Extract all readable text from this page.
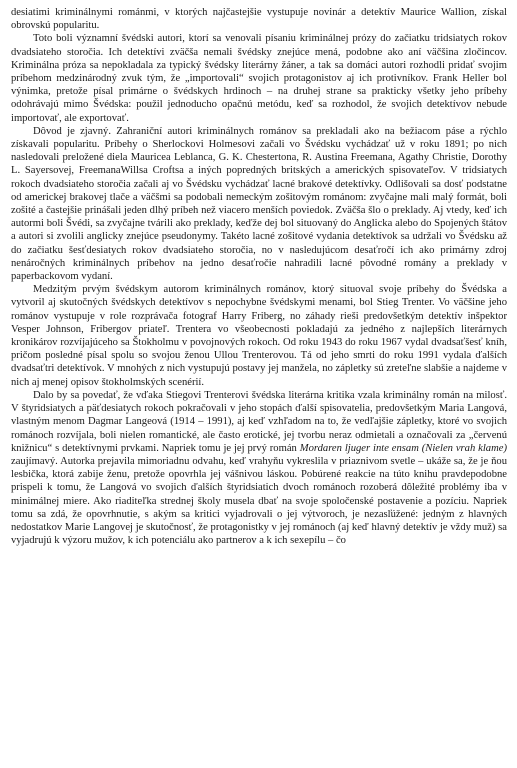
desiatimi kriminálnymi románmi, v ktorých najčastejšie vystupuje novinár a detektív Maurice Wallion, získal obrovskú popularitu.

Toto boli významní švédski autori, ktorí sa venovali písaniu kriminálnej prózy do začiatku tridsiatych rokov dvadsiateho storočia. Ich detektívi zväčša nemali švédsky znejúce mená, podobne ako aní väčšina zločincov. Kriminálna próza sa nepokladala za typický švédsky literárny žáner, a tak sa domáci autori rozhodli pridať svojim príbehom medzinárodný zvuk tým, že „importovali“ svojich protagonistov aj ich protivníkov. Frank Heller bol výnimka, pretože písal primárne o švédskych hrdinoch – na druhej strane sa prakticky všetky jeho príbehy odohrávajú mimo Švédska: použil jednoducho opačnú metódu, keď sa rozhodol, že svojich detektívov nebude importovať, ale exportovať.

Dôvod je zjavný. Zahraniční autori kriminálnych románov sa prekladali ako na bežiacom páse a rýchlo získavali popularitu. Príbehy o Sherlockovi Holmesovi začali vo Švédsku vychádzať už v roku 1891; po nich nasledovali preložené diela Mauricea Leblanca, G. K. Chestertona, R. Austina Freemana, Agathy Christie, Dorothy L. Sayersovej, FreemanaWillsa Croftsa a iných popredných britských a amerických spisovateľov. V tridsiatych rokoch dvadsiateho storočia začali aj vo Švédsku vychádzať lacné brakové detektívky. Odlišovali sa dosť podstatne od americkej brakovej tlače a väčšmi sa podobali nemeckým zošitovým románom: zvyčajne mali malý formát, boli zošité a častejšie prinášali jeden dlhý príbeh než viacero menších poviedok. Zväčša šlo o preklady. Aj vtedy, keď ich autormi boli Švédi, sa zvyčajne tvárili ako preklady, keďže dej bol situovaný do Anglicka alebo do Spojených štátov a autori si zvolili anglicky znejúce pseudonymy. Takéto lacné zošitové vydania detektívok sa udržali vo Švédsku až do začiatku šesťdesiatych rokov dvadsiateho storočia, no v nasledujúcom desaťročí ich ako primárny zdroj nenáročných kriminálnych príbehov na jedno desaťročie nahradili lacné pôvodné romány a preklady v paperbackovom vydaní.

Medzitým prvým švédskym autorom kriminálnych románov, ktorý situoval svoje príbehy do Švédska a vytvoril aj skutočných švédskych detektívov s nepochybne švédskymi menami, bol Stieg Trenter. Vo väčšine jeho románov vystupuje v role rozprávača fotograf Harry Friberg, no záhady rieši predovšetkým detektív inšpektor Vesper Johnson, Fribergov priateľ. Trentera vo všeobecnosti pokladajú za jedného z najlepších literárnych kronikárov rozvíjajúceho sa Štokholmu v povojnových rokoch. Od roku 1943 do roku 1967 vydal dvadsaťšesť kníh, pričom posledné písal spolu so svojou ženou Ullou Trenterovou. Tá od jeho smrti do roku 1991 vydala ďalších dvadsaťtri detektívok. V mnohých z nich vystupujú postavy jej manžela, no zápletky sú zreteľne slabšie a najdeme v nich aj menej opisov štokholmských scenérií.

Dalo by sa povedať, že vďaka Stiegovi Trenterovi švédska literárna kritika vzala kriminálny román na milosť. V štyridsiatych a päťdesiatych rokoch pokračovali v jeho stopách ďalší spisovatelia, predovšetkým Maria Langová, vlastným menom Dagmar Langeová (1914 – 1991), aj keď vzhľadom na to, že vedľajšie zápletky, ktoré vo svojich románoch rozvíjala, boli nielen romantické, ale často erotické, jej tvorbu neraz odmietali a označovali za „červenú knižnicu“ s detektívnymi prvkami. Napriek tomu je jej prvý román Mordaren ljuger inte ensam (Nielen vrah klame) zaujímavý. Autorka prejavila mimoriadnu odvahu, keď vrahyňu vykreslila v priaznivom svetle – ukáže sa, že je ňou lesbička, ktorá zabije ženu, pretože opovrhla jej vášnivou láskou. Pobúrené reakcie na túto knihu pravdepodobne prispeli k tomu, že Langová vo svojich ďalších štyridsiatich dvoch románoch rozoberá dôležité problémy iba v minimálnej miere. Ako riaditeľka strednej školy musela dbať na svoje spoločenské postavenie a pozíciu. Napriek tomu sa zdá, že opovrhnutie, s akým sa kritici vyjadrovali o jej výtvoroch, je nezasl̕úžené: jedným z hlavných nedostatkov Marie Langovej je skutočnosť, že protagonistky v jej románoch (aj keď hlavný detektív je vždy muž) sa vyjadrujú k výzoru mužov, k ich potenciálu ako partnerov a k ich sexepílu – čo
